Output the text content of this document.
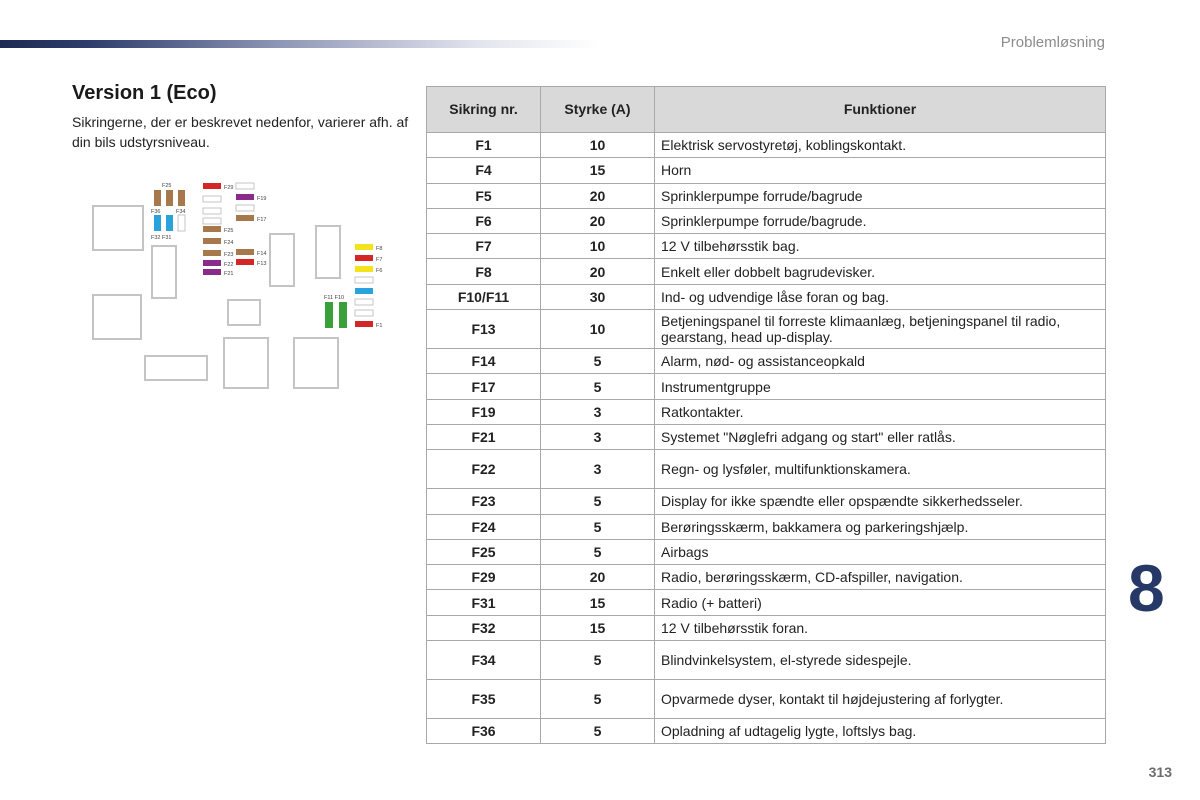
Problemløsning
Version 1 (Eco)
Sikringerne, der er beskrevet nedenfor, varierer afh. af din bils udstyrsniveau.
F25
F36	F34
F32 F31
F29
F25
F24
F23
F22
F21
F19
F17
F14
F13
F8
F7
F6
F1
F11 F10
Sikring nr.	Styrke (A)	Funktioner
F1	10	Elektrisk servostyretøj, koblingskontakt.
F4	15	Horn
F5	20	Sprinklerpumpe forrude/bagrude
F6	20	Sprinklerpumpe forrude/bagrude.
F7	10	12 V tilbehørsstik bag.
F8	20	Enkelt eller dobbelt bagrudevisker.
F10/F11	30	Ind- og udvendige låse foran og bag.
F13	10	Betjeningspanel til forreste klimaanlæg, betjeningspanel til radio, gearstang, head up-display.
F14	5	Alarm, nød- og assistanceopkald
F17	5	Instrumentgruppe
F19	3	Ratkontakter.
F21	3	Systemet "Nøglefri adgang og start" eller ratlås.
F22	3	Regn- og lysføler, multifunktionskamera.
F23	5	Display for ikke spændte eller opspændte sikkerhedsseler.
F24	5	Berøringsskærm, bakkamera og parkeringshjælp.
F25	5	Airbags
F29	20	Radio, berøringsskærm, CD-afspiller, navigation.
F31	15	Radio (+ batteri)
F32	15	12 V tilbehørsstik foran.
F34	5	Blindvinkelsystem, el-styrede sidespejle.
F35	5	Opvarmede dyser, kontakt til højdejustering af forlygter.
F36	5	Opladning af udtagelig lygte, loftslys bag.
8
313
